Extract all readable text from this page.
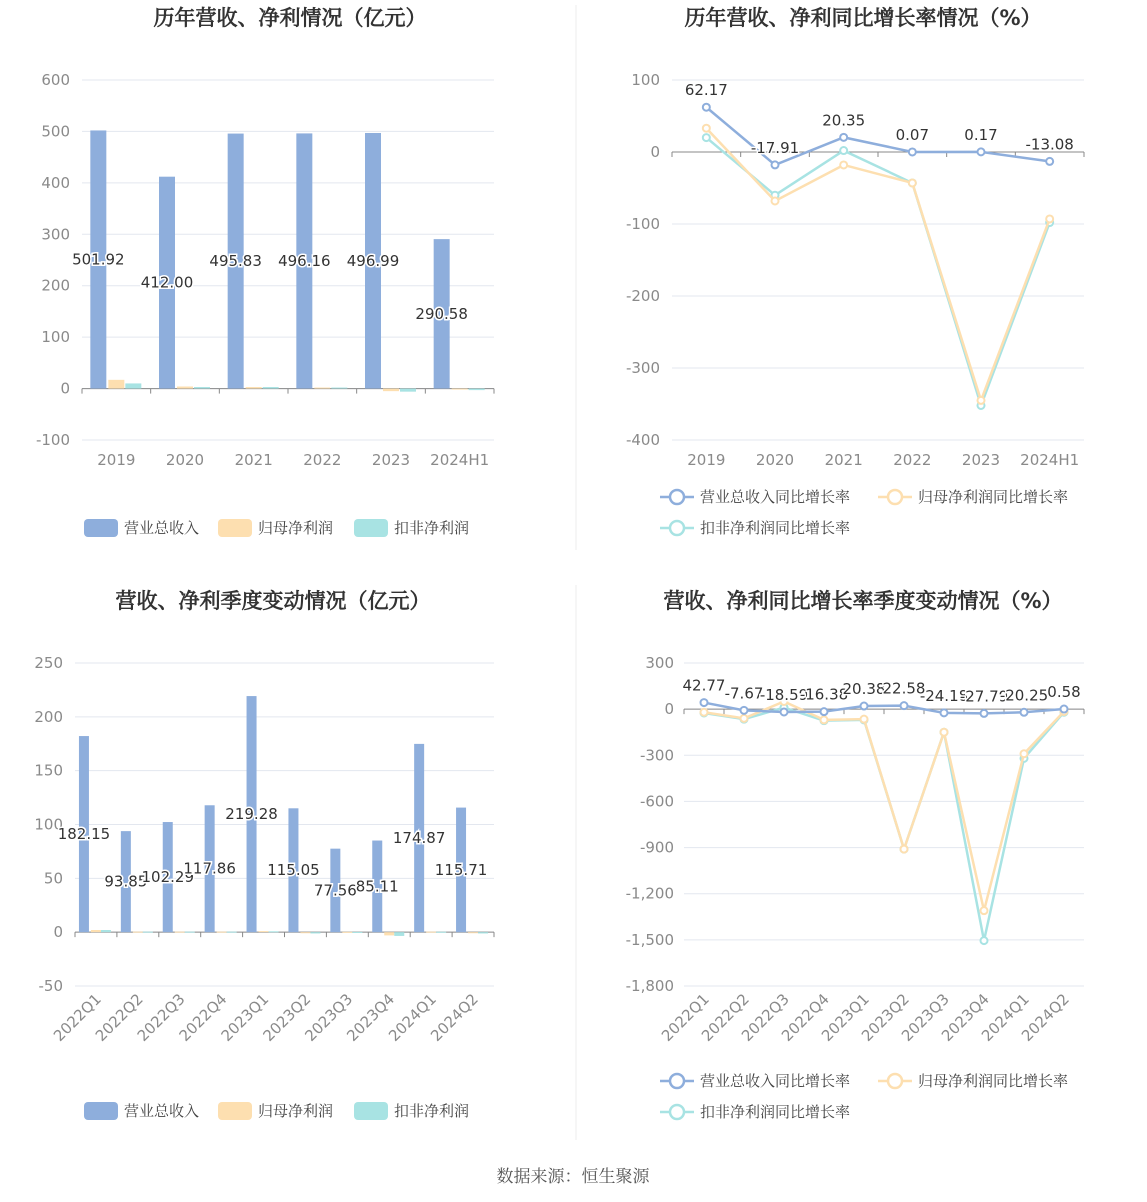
数据来源：恒生聚源
历年营收、净利情况（亿元）
600
500
400
300
200
100
0
-100
2019 2020 2021 2022 2023 2024H1
501.92
412.00
495.83 496.16 496.99
290.58
营业总收入	归母净利润	扣非净利润
历年营收、净利同比增长率情况（%）
100
0
-100
-200
-300
-400
2019 2020 2021 2022 2023 2024H1
62.17
-17.91
20.35
0.07 0.17
-13.08
营业总收入同比增长率	归母净利润同比增长率
扣非净利润同比增长率
营收、净利季度变动情况（亿元）
250
200
150
100
50
0
-50
2022Q1
2022Q2
2022Q3
2022Q4
2023Q1
2023Q2
2023Q3
2023Q4
2024Q1
2024Q2
182.15
93.85
102.29
117.86
219.28
115.05
77.56
85.11
174.87
115.71
营业总收入	归母净利润	扣非净利润
营收、净利同比增长率季度变动情况（%）
300
0
-300
-600
-900
-1,200
-1,500
-1,800
2022Q1
2022Q2
2022Q3
2022Q4
2023Q1
2023Q2
2023Q3
2023Q4
2024Q1
2024Q2
42.77 -7.67
-18.59
-16.38
20.38
22.58
-24.18
-27.79
-20.25 0.58
营业总收入同比增长率	归母净利润同比增长率
扣非净利润同比增长率
